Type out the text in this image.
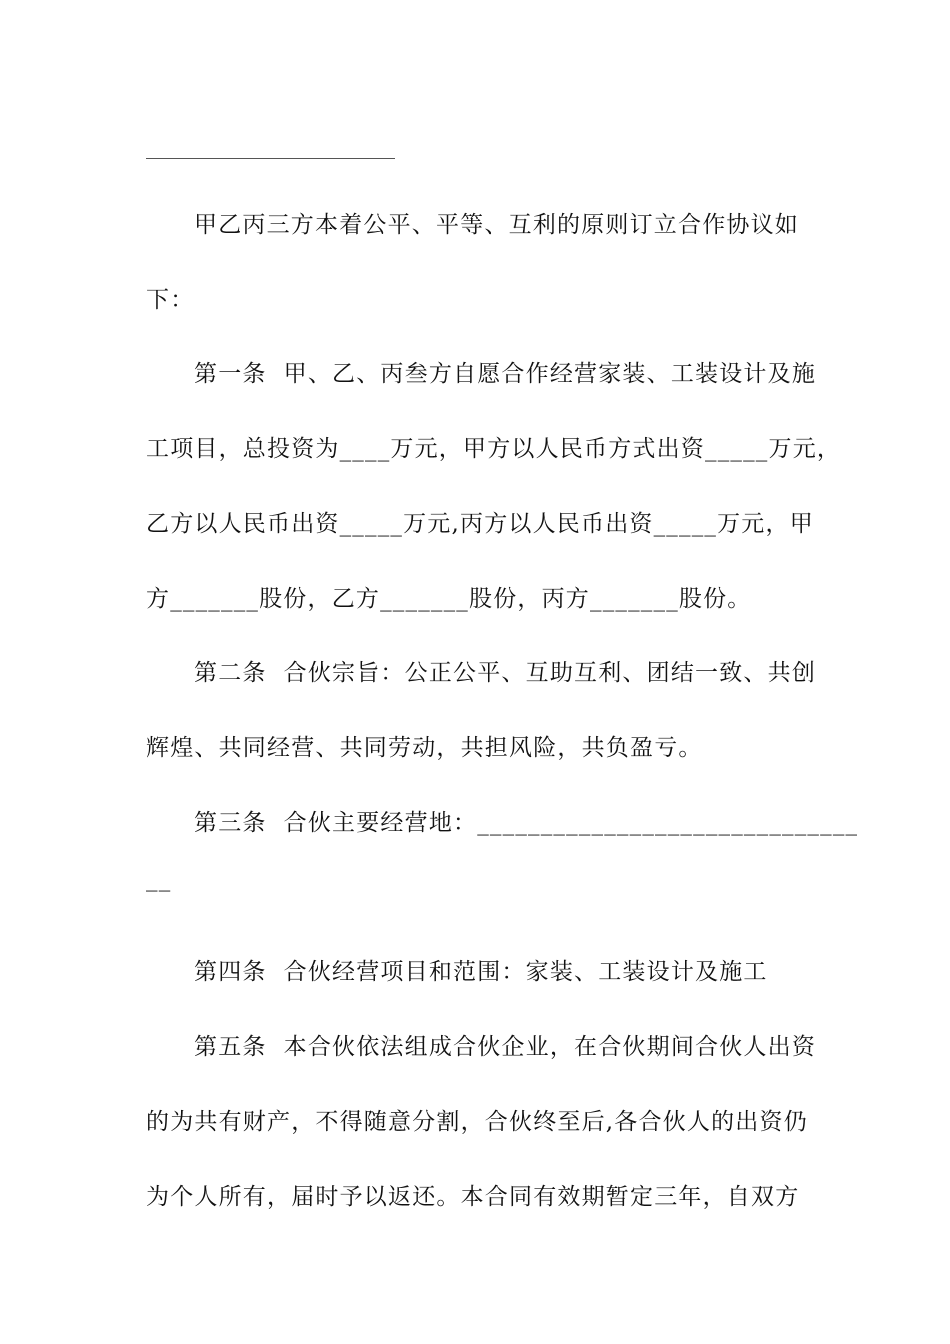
甲乙丙三方本着公平、平等、互利的原则订立合作协议如
下：
第一条  甲、乙、丙叁方自愿合作经营家装、工装设计及施
工项目，总投资为____万元，甲方以人民币方式出资_____万元，
乙方以人民币出资_____万元,丙方以人民币出资_____万元，甲
方_______股份，乙方_______股份，丙方_______股份。
第二条  合伙宗旨：公正公平、互助互利、团结一致、共创
辉煌、共同经营、共同劳动，共担风险，共负盈亏。
第三条  合伙主要经营地：______________________________
__
第四条  合伙经营项目和范围：家装、工装设计及施工
第五条  本合伙依法组成合伙企业，在合伙期间合伙人出资
的为共有财产，不得随意分割，合伙终至后,各合伙人的出资仍
为个人所有，届时予以返还。本合同有效期暂定三年，自双方
